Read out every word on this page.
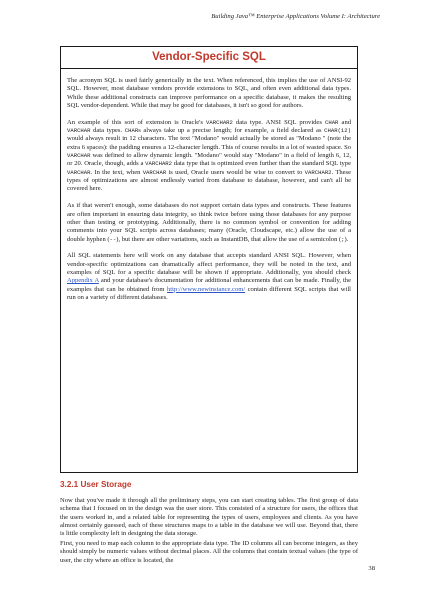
Building Java™ Enterprise Applications Volume I: Architecture
Vendor-Specific SQL

The acronym SQL is used fairly generically in the text. When referenced, this implies the use of ANSI-92 SQL. However, most database vendors provide extensions to SQL, and often even additional data types. While these additional constructs can improve performance on a specific database, it makes the resulting SQL vendor-dependent. While that may be good for databases, it isn't so good for authors.

An example of this sort of extension is Oracle's VARCHAR2 data type. ANSI SQL provides CHAR and VARCHAR data types. CHARs always take up a precise length; for example, a field declared as CHAR(12) would always result in 12 characters. The text "Modano" would actually be stored as "Modano " (note the extra 6 spaces): the padding ensures a 12-character length. This of course results in a lot of wasted space. So VARCHAR was defined to allow dynamic length. "Modano" would stay "Modano" in a field of length 6, 12, or 20. Oracle, though, adds a VARCHAR2 data type that is optimized even further than the standard SQL type VARCHAR. In the text, when VARCHAR is used, Oracle users would be wise to convert to VARCHAR2. These types of optimizations are almost endlessly varied from database to database, however, and can't all be covered here.

As if that weren't enough, some databases do not support certain data types and constructs. These features are often important in ensuring data integrity, so think twice before using those databases for any purpose other than testing or prototyping. Additionally, there is no common symbol or convention for adding comments into your SQL scripts across databases; many (Oracle, Cloudscape, etc.) allow the use of a double hyphen (--), but there are other variations, such as InstantDB, that allow the use of a semicolon (;).

All SQL statements here will work on any database that accepts standard ANSI SQL. However, when vendor-specific optimizations can dramatically affect performance, they will be noted in the text, and examples of SQL for a specific database will be shown if appropriate. Additionally, you should check Appendix A and your database's documentation for additional enhancements that can be made. Finally, the examples that can be obtained from http://www.newinstance.com/ contain different SQL scripts that will run on a variety of different databases.

3.2.1 User Storage

Now that you've made it through all the preliminary steps, you can start creating tables. The first group of data schema that I focused on in the design was the user store. This consisted of a structure for users, the offices that the users worked in, and a related table for representing the types of users, employees and clients. As you have almost certainly guessed, each of these structures maps to a table in the database we will use. Beyond that, there is little complexity left in designing the data storage.

First, you need to map each column to the appropriate data type. The ID columns all can become integers, as they should simply be numeric values without decimal places. All the columns that contain textual values (the type of user, the city where an office is located, the

38
